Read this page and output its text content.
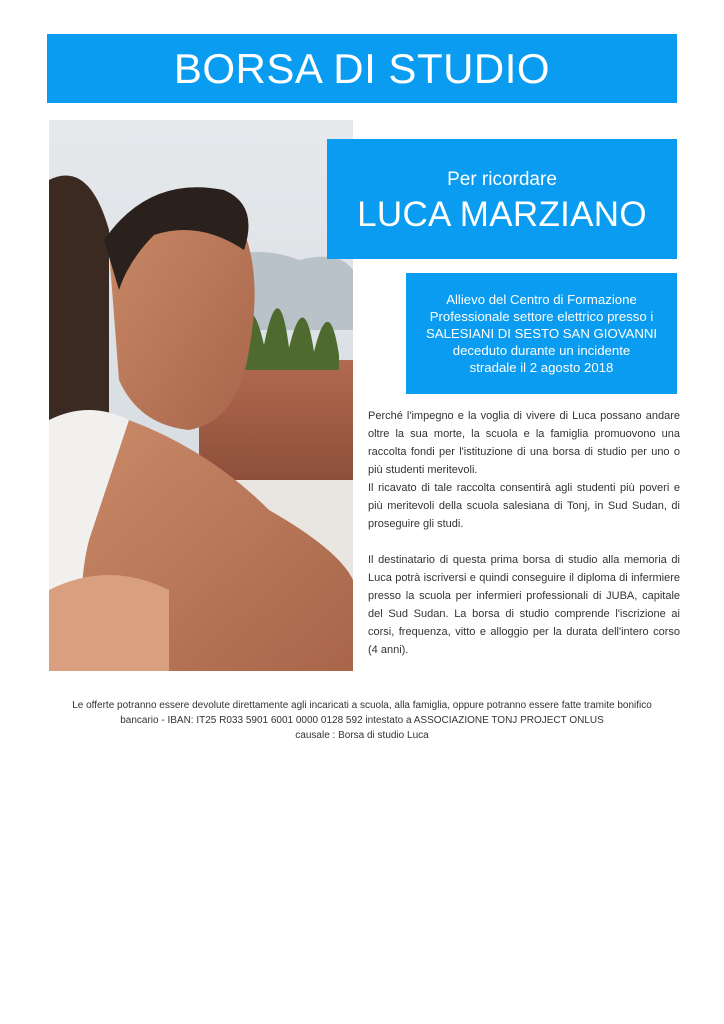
BORSA DI STUDIO
Per ricordare
LUCA MARZIANO

Allievo del Centro di Formazione
Professionale settore elettrico presso i
SALESIANI DI SESTO SAN GIOVANNI
deceduto durante un incidente
stradale il 2 agosto 2018

Perché l'impegno e la voglia di vivere di Luca possano andare oltre la sua morte, la scuola e la famiglia promuovono una raccolta fondi per l'istituzione di una borsa di studio per uno o più studenti meritevoli.

Il ricavato di tale raccolta consentirà agli studenti più poveri e più meritevoli della scuola salesiana di Tonj, in Sud Sudan, di proseguire gli studi.

Il destinatario di questa prima borsa di studio alla memoria di Luca potrà iscriversi e quindi conseguire il diploma di infermiere presso la scuola per infermieri professionali di JUBA, capitale del Sud Sudan. La borsa di studio comprende l'iscrizione ai corsi, frequenza, vitto e alloggio per la durata dell'intero corso (4 anni).

Le offerte potranno essere devolute direttamente agli incaricati a scuola, alla famiglia, oppure potranno essere fatte tramite bonifico

bancario - IBAN: IT25 R033 5901 6001 0000 0128 592 intestato a ASSOCIAZIONE TONJ PROJECT ONLUS

causale : Borsa di studio Luca
